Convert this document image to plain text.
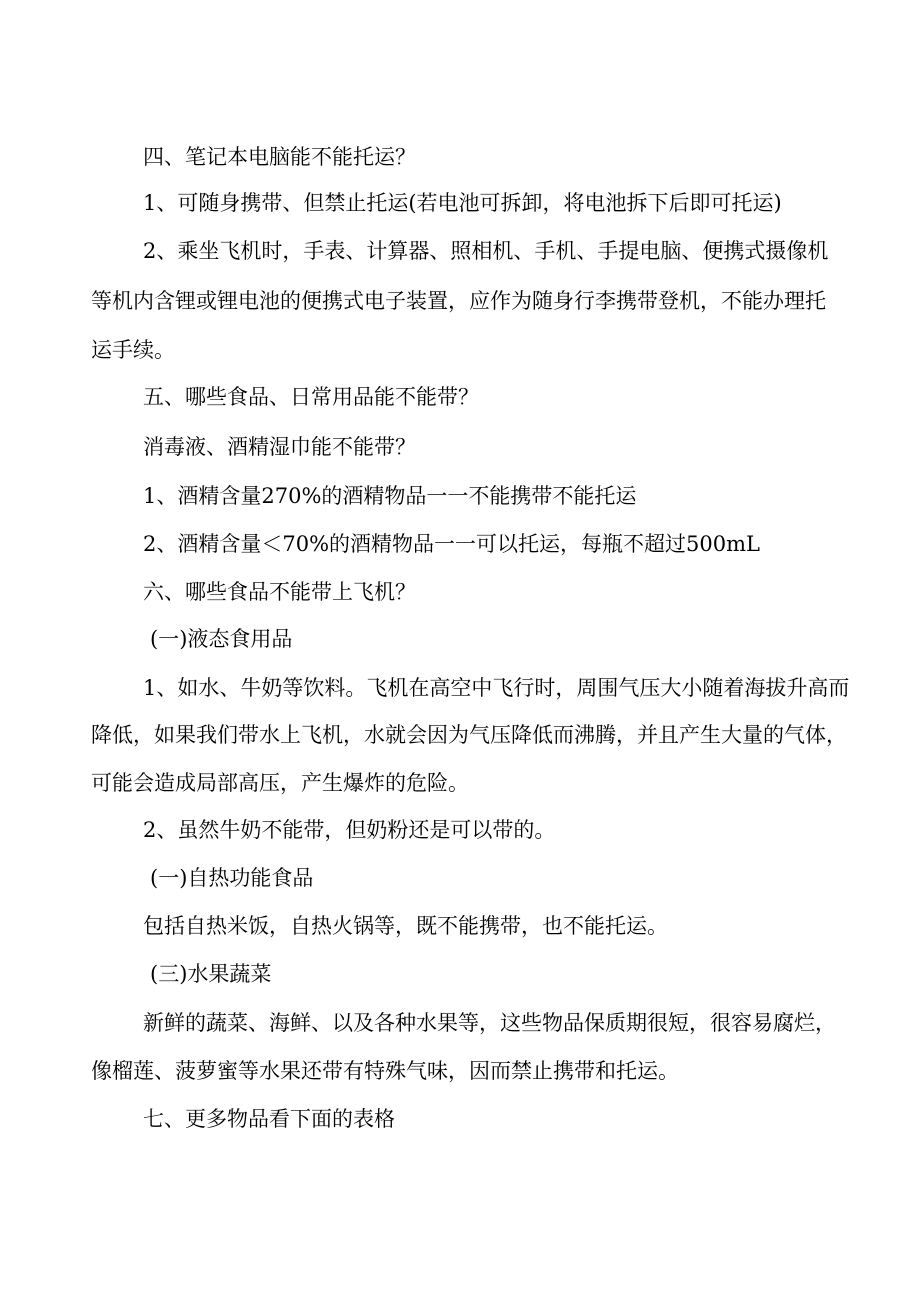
四、笔记本电脑能不能托运？
1、可随身携带、但禁止托运(若电池可拆卸，将电池拆下后即可托运)
2、乘坐飞机时，手表、计算器、照相机、手机、手提电脑、便携式摄像机
等机内含锂或锂电池的便携式电子装置，应作为随身行李携带登机，不能办理托
运手续。
五、哪些食品、日常用品能不能带？
消毒液、酒精湿巾能不能带？
1、酒精含量270%的酒精物品一一不能携带不能托运
2、酒精含量＜70%的酒精物品一一可以托运，每瓶不超过500mL
六、哪些食品不能带上飞机？
(一)液态食用品
1、如水、牛奶等饮料。飞机在高空中飞行时，周围气压大小随着海拔升高而
降低，如果我们带水上飞机，水就会因为气压降低而沸腾，并且产生大量的气体，
可能会造成局部高压，产生爆炸的危险。
2、虽然牛奶不能带，但奶粉还是可以带的。
(一)自热功能食品
包括自热米饭，自热火锅等，既不能携带，也不能托运。
(三)水果蔬菜
新鲜的蔬菜、海鲜、以及各种水果等，这些物品保质期很短，很容易腐烂，
像榴莲、菠萝蜜等水果还带有特殊气味，因而禁止携带和托运。
七、更多物品看下面的表格
